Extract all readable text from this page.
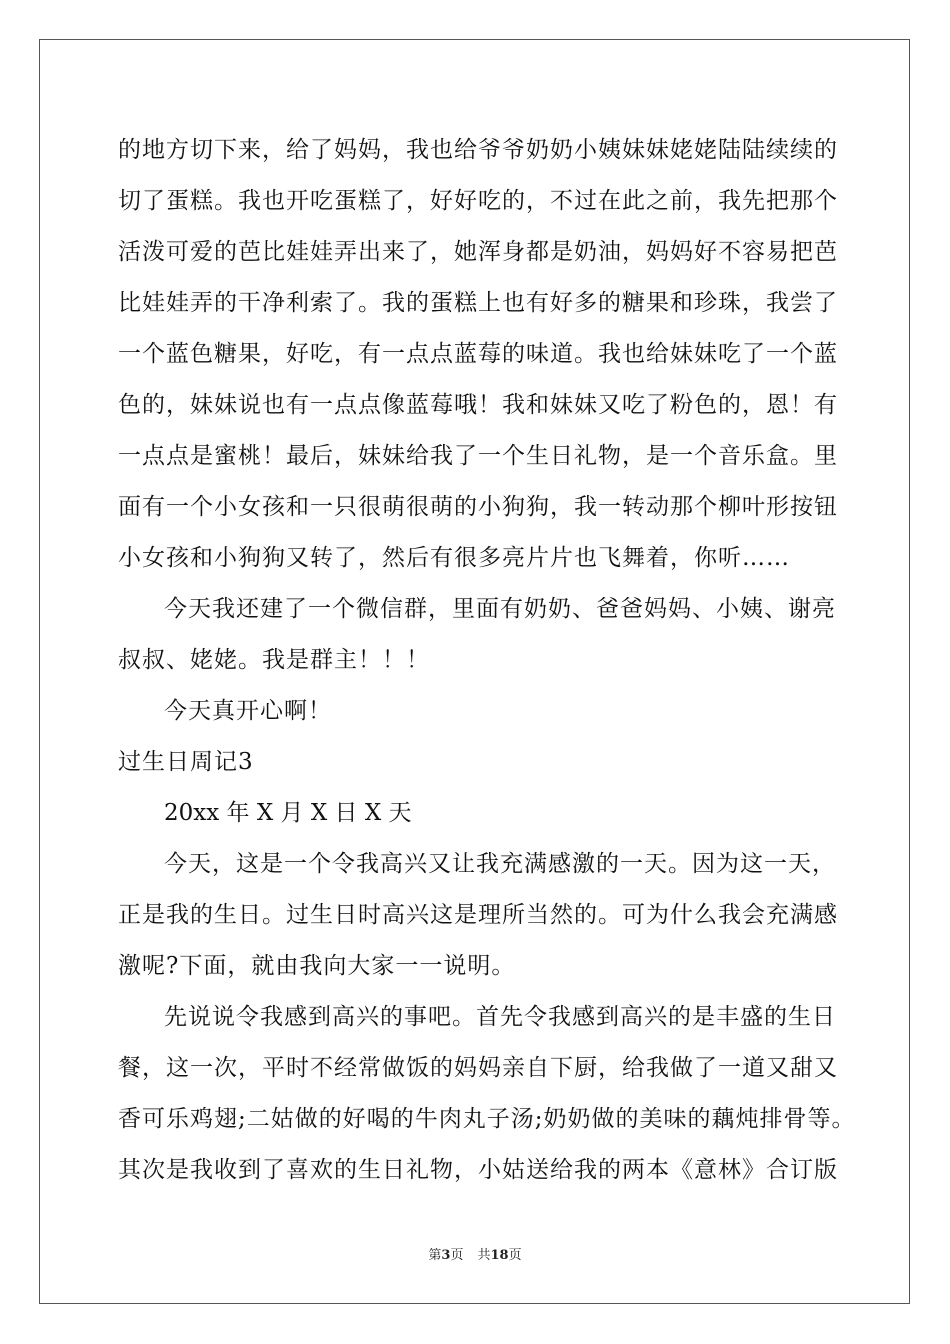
的地方切下来，给了妈妈，我也给爷爷奶奶小姨妹妹姥姥陆陆续续的
切了蛋糕。我也开吃蛋糕了，好好吃的，不过在此之前，我先把那个
活泼可爱的芭比娃娃弄出来了，她浑身都是奶油，妈妈好不容易把芭
比娃娃弄的干净利索了。我的蛋糕上也有好多的糖果和珍珠，我尝了
一个蓝色糖果，好吃，有一点点蓝莓的味道。我也给妹妹吃了一个蓝
色的，妹妹说也有一点点像蓝莓哦！我和妹妹又吃了粉色的，恩！有
一点点是蜜桃！最后，妹妹给我了一个生日礼物，是一个音乐盒。里
面有一个小女孩和一只很萌很萌的小狗狗，我一转动那个柳叶形按钮
小女孩和小狗狗又转了，然后有很多亮片片也飞舞着，你听……
今天我还建了一个微信群，里面有奶奶、爸爸妈妈、小姨、谢亮
叔叔、姥姥。我是群主！！！
今天真开心啊！
过生日周记3
20xx 年 X 月 X 日 X 天
今天，这是一个令我高兴又让我充满感激的一天。因为这一天，
正是我的生日。过生日时高兴这是理所当然的。可为什么我会充满感
激呢?下面，就由我向大家一一说明。
先说说令我感到高兴的事吧。首先令我感到高兴的是丰盛的生日
餐，这一次，平时不经常做饭的妈妈亲自下厨，给我做了一道又甜又
香可乐鸡翅;二姑做的好喝的牛肉丸子汤;奶奶做的美味的藕炖排骨等。
其次是我收到了喜欢的生日礼物，小姑送给我的两本《意林》合订版
第3页 共18页
